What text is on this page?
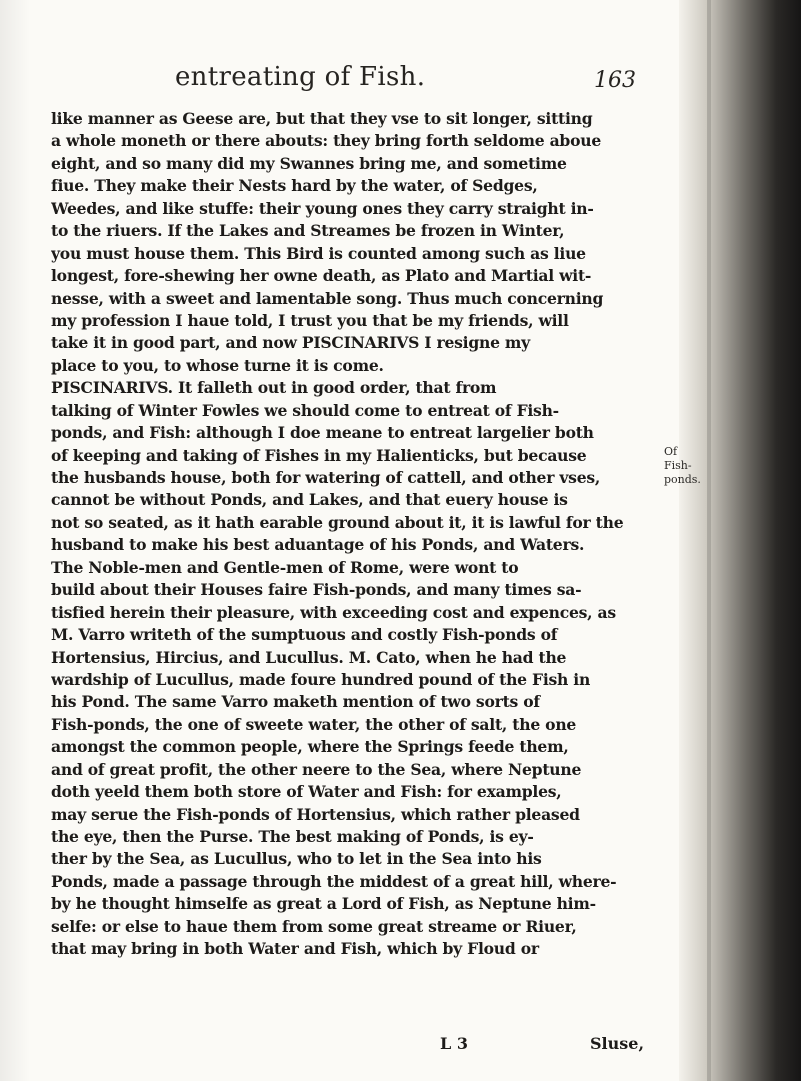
entreating of Fish.	163
Of Fish-
ponds.
like manner as Geese are, but that they vse to sit longer, sitting
a whole moneth or there abouts: they bring forth seldome aboue
eight, and so many did my Swannes bring me, and sometime
fiue. They make their Nests hard by the water, of Sedges,
Weedes, and like stuffe: their young ones they carry straight in-
to the riuers. If the Lakes and Streames be frozen in Winter,
you must house them. This Bird is counted among such as liue
longest, fore-shewing her owne death, as Plato and Martial wit-
nesse, with a sweet and lamentable song. Thus much concerning
my profession I haue told, I trust you that be my friends, will
take it in good part, and now PISCINARIVS I resigne my
place to you, to whose turne it is come.
PISCINARIVS. It falleth out in good order, that from
talking of Winter Fowles we should come to entreat of Fish-
ponds, and Fish: although I doe meane to entreat largelier both
of keeping and taking of Fishes in my Halienticks, but because
the husbands house, both for watering of cattell, and other vses,
cannot be without Ponds, and Lakes, and that euery house is
not so seated, as it hath earable ground about it, it is lawful for the
husband to make his best aduantage of his Ponds, and Waters.
The Noble-men and Gentle-men of Rome, were wont to
build about their Houses faire Fish-ponds, and many times sa-
tisfied herein their pleasure, with exceeding cost and expences, as
M. Varro writeth of the sumptuous and costly Fish-ponds of
Hortensius, Hircius, and Lucullus. M. Cato, when he had the
wardship of Lucullus, made foure hundred pound of the Fish in
his Pond. The same Varro maketh mention of two sorts of
Fish-ponds, the one of sweete water, the other of salt, the one
amongst the common people, where the Springs feede them,
and of great profit, the other neere to the Sea, where Neptune
doth yeeld them both store of Water and Fish: for examples,
may serue the Fish-ponds of Hortensius, which rather pleased
the eye, then the Purse. The best making of Ponds, is ey-
ther by the Sea, as Lucullus, who to let in the Sea into his
Ponds, made a passage through the middest of a great hill, where-
by he thought himselfe as great a Lord of Fish, as Neptune him-
selfe: or else to haue them from some great streame or Riuer,
that may bring in both Water and Fish, which by Floud or
L 3	Sluse,
